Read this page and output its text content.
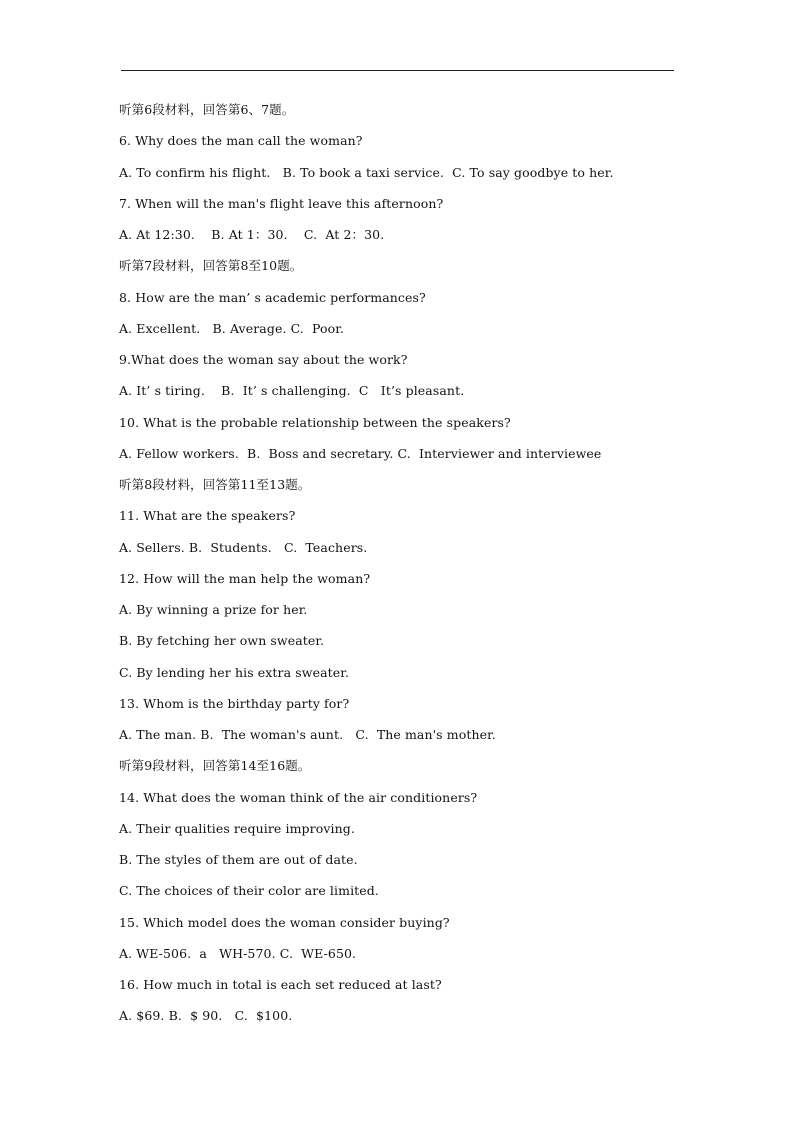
听第6段材料，回答第6、7题。
6. Why does the man call the woman?
A. To confirm his flight.   B. To book a taxi service.  C. To say goodbye to her.
7. When will the man's flight leave this afternoon?
A. At 12:30.    B. At 1：30.    C.  At 2：30.
听第7段材料，回答第8至10题。
8. How are the man’ s academic performances?
A. Excellent.   B. Average. C.  Poor.
9.What does the woman say about the work?
A. It’ s tiring.    B.  It’ s challenging.  C   It’s pleasant.
10. What is the probable relationship between the speakers?
A. Fellow workers.  B.  Boss and secretary. C.  Interviewer and interviewee
听第8段材料，回答第11至13题。
11. What are the speakers?
A. Sellers. B.  Students.   C.  Teachers.
12. How will the man help the woman?
A. By winning a prize for her.
B. By fetching her own sweater.
C. By lending her his extra sweater.
13. Whom is the birthday party for?
A. The man. B.  The woman's aunt.   C.  The man's mother.
听第9段材料，回答第14至16题。
14. What does the woman think of the air conditioners?
A. Their qualities require improving.
B. The styles of them are out of date.
C. The choices of their color are limited.
15. Which model does the woman consider buying?
A. WE-506.  a   WH-570. C.  WE-650.
16. How much in total is each set reduced at last?
A. $69. B.  $ 90.   C.  $100.
